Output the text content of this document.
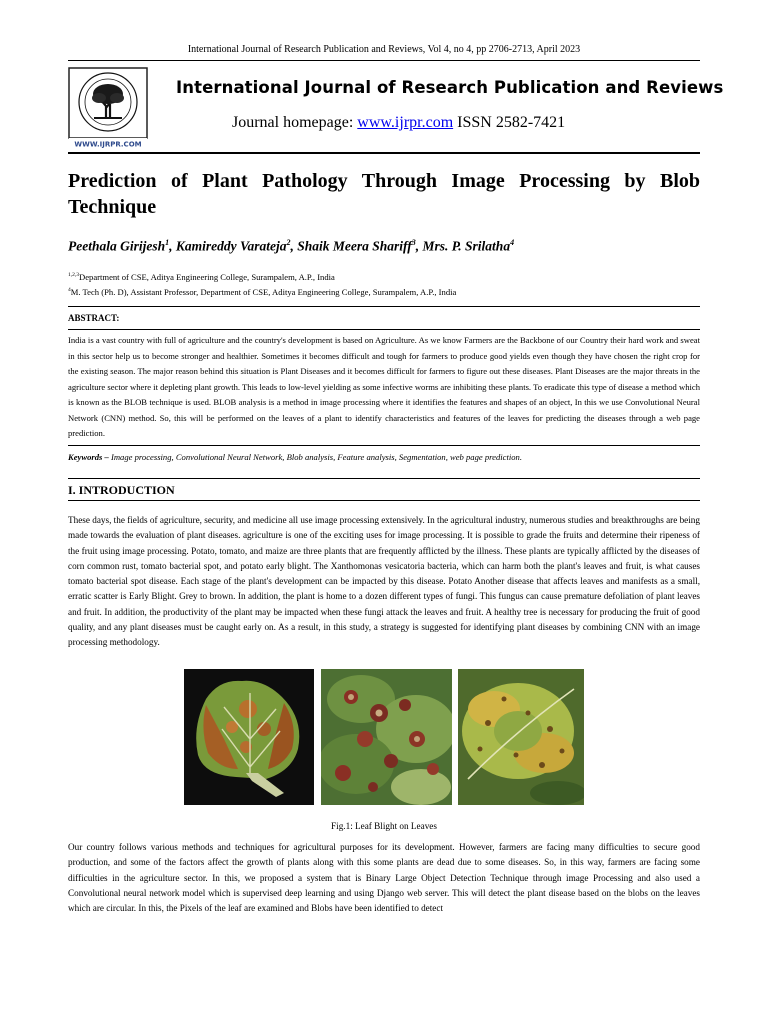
International Journal of Research Publication and Reviews, Vol 4, no 4, pp 2706-2713, April 2023
WWW.IJRPR.COM
International Journal of Research Publication and Reviews
Journal homepage: www.ijrpr.com ISSN 2582-7421
Prediction of Plant Pathology Through Image Processing by Blob Technique
Peethala Girijesh$^1$, Kamireddy Varateja$^2$, Shaik Meera Shariff$^3$, Mrs. P. Srilatha$^4$
$^{1,2,3}$Department of CSE, Aditya Engineering College, Surampalem, A.P., India
$^4$M. Tech (Ph. D), Assistant Professor, Department of CSE, Aditya Engineering College, Surampalem, A.P., India
ABSTRACT:
India is a vast country with full of agriculture and the country's development is based on Agriculture. As we know Farmers are the Backbone of our Country their hard work and sweat in this sector help us to become stronger and healthier. Sometimes it becomes difficult and tough for farmers to produce good yields even though they have chosen the right crop for the existing season. The major reason behind this situation is Plant Diseases and it becomes difficult for farmers to figure out these diseases. Plant Diseases are the major threats in the agriculture sector where it depleting plant growth. This leads to low-level yielding as some infective worms are inhibiting these plants. To eradicate this type of disease a method which is known as the BLOB technique is used. BLOB analysis is a method in image processing where it identifies the features and shapes of an object, In this we use Convolutional Neural Network (CNN) method. So, this will be performed on the leaves of a plant to identify characteristics and features of the leaves for predicting the diseases through a web page prediction.
Keywords – Image processing, Convolutional Neural Network, Blob analysis, Feature analysis, Segmentation, web page prediction.
I. INTRODUCTION
These days, the fields of agriculture, security, and medicine all use image processing extensively. In the agricultural industry, numerous studies and breakthroughs are being made towards the evaluation of plant diseases. agriculture is one of the exciting uses for image processing. It is possible to grade the fruits and determine their ripeness of the fruit using image processing. Potato, tomato, and maize are three plants that are frequently afflicted by the illness. These plants are typically afflicted by the diseases of corn common rust, tomato bacterial spot, and potato early blight. The Xanthomonas vesicatoria bacteria, which can harm both the plant's leaves and fruit, is what causes tomato bacterial spot disease. Each stage of the plant's development can be impacted by this disease. Potato Another disease that affects leaves and manifests as a small, erratic scatter is Early Blight. Grey to brown. In addition, the plant is home to a dozen different types of fungi. This fungus can cause premature defoliation of plant leaves and fruit. In addition, the productivity of the plant may be impacted when these fungi attack the leaves and fruit. A healthy tree is necessary for producing the fruit of good quality, and any plant diseases must be caught early on. As a result, in this study, a strategy is suggested for identifying plant diseases by combining CNN with an image processing methodology.
Fig.1: Leaf Blight on Leaves
Our country follows various methods and techniques for agricultural purposes for its development. However, farmers are facing many difficulties to secure good production, and some of the factors affect the growth of plants along with this some plants are dead due to some diseases. So, in this way, farmers are facing some difficulties in the agriculture sector. In this, we proposed a system that is Binary Large Object Detection Technique through image Processing and also used a Convolutional neural network model which is supervised deep learning and using Django web server. This will detect the plant disease based on the blobs on the leaves which are circular. In this, the Pixels of the leaf are examined and Blobs have been identified to detect
